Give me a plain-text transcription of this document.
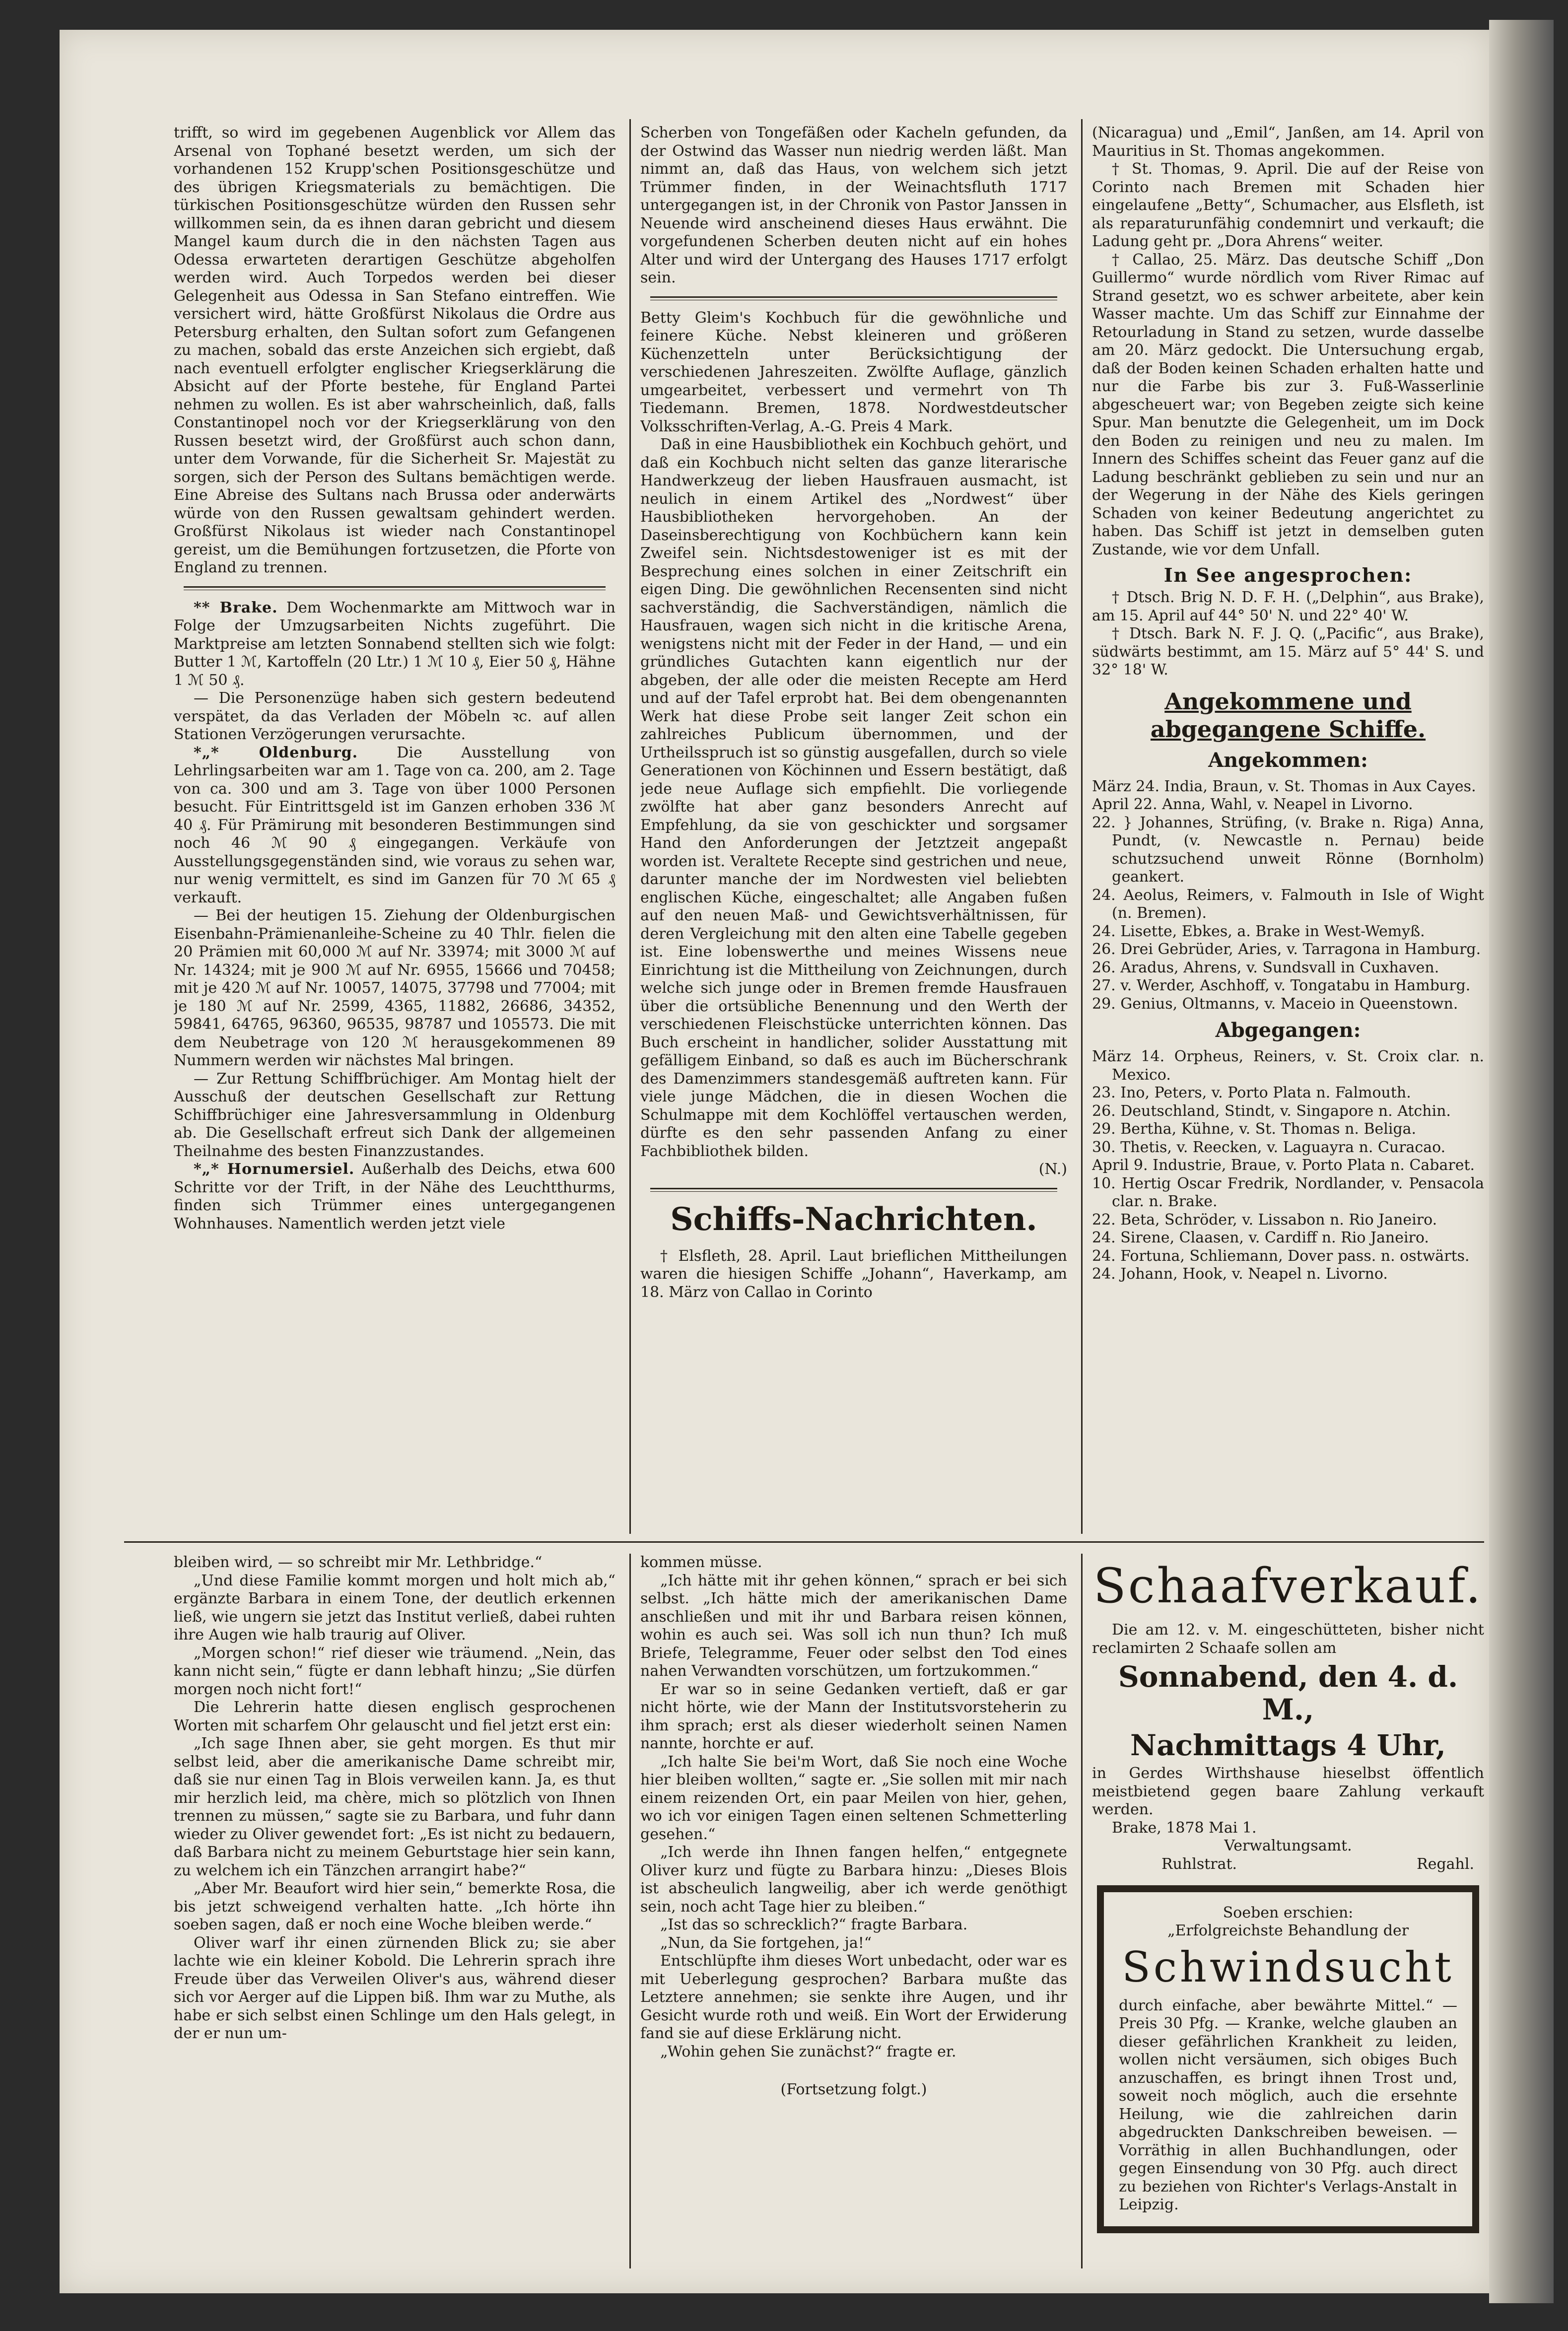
trifft, so wird im gegebenen Augenblick vor Allem das Arsenal von Tophané besetzt werden, um sich der vorhandenen 152 Krupp'schen Positionsgeschütze und des übrigen Kriegsmaterials zu bemächtigen. Die türkischen Positionsgeschütze würden den Russen sehr willkommen sein, da es ihnen daran gebricht und diesem Mangel kaum durch die in den nächsten Tagen aus Odessa erwarteten derartigen Geschütze abgeholfen werden wird. Auch Torpedos werden bei dieser Gelegenheit aus Odessa in San Stefano eintreffen. Wie versichert wird, hätte Großfürst Nikolaus die Ordre aus Petersburg erhalten, den Sultan sofort zum Gefangenen zu machen, sobald das erste Anzeichen sich ergiebt, daß nach eventuell erfolgter englischer Kriegserklärung die Absicht auf der Pforte bestehe, für England Partei nehmen zu wollen. Es ist aber wahrscheinlich, daß, falls Constantinopel noch vor der Kriegserklärung von den Russen besetzt wird, der Großfürst auch schon dann, unter dem Vorwande, für die Sicherheit Sr. Majestät zu sorgen, sich der Person des Sultans bemächtigen werde. Eine Abreise des Sultans nach Brussa oder anderwärts würde von den Russen gewaltsam gehindert werden. Großfürst Nikolaus ist wieder nach Constantinopel gereist, um die Bemühungen fortzusetzen, die Pforte von England zu trennen.

** Brake. Dem Wochenmarkte am Mittwoch war in Folge der Umzugsarbeiten Nichts zugeführt. Die Marktpreise am letzten Sonnabend stellten sich wie folgt: Butter 1 ℳ, Kartoffeln (20 Ltr.) 1 ℳ 10 ₰, Eier 50 ₰, Hähne 1 ℳ 50 ₰.

— Die Personenzüge haben sich gestern bedeutend verspätet, da das Verladen der Möbeln ꝛc. auf allen Stationen Verzögerungen verursachte.

*„* Oldenburg.	Die Ausstellung von Lehrlingsarbeiten war am 1. Tage von ca. 200, am 2. Tage von ca. 300 und am 3. Tage von über 1000 Personen besucht. Für Eintrittsgeld ist im Ganzen erhoben 336 ℳ 40 ₰. Für Prämirung mit besonderen Bestimmungen sind noch 46 ℳ 90 ₰ eingegangen. Verkäufe von Ausstellungsgegenständen sind, wie voraus zu sehen war, nur wenig vermittelt, es sind im Ganzen für 70 ℳ 65 ₰ verkauft.

— Bei der heutigen 15. Ziehung der Oldenburgischen Eisenbahn-Prämienanleihe-Scheine zu 40 Thlr. fielen die 20 Prämien mit 60,000 ℳ auf Nr. 33974; mit 3000 ℳ auf Nr. 14324; mit je 900 ℳ auf Nr. 6955, 15666 und 70458; mit je 420 ℳ auf Nr. 10057, 14075, 37798 und 77004; mit je 180 ℳ auf Nr. 2599, 4365, 11882, 26686, 34352, 59841, 64765, 96360, 96535, 98787 und 105573. Die mit dem Neubetrage von 120 ℳ herausgekommenen 89 Nummern werden wir nächstes Mal bringen.

— Zur Rettung Schiffbrüchiger. Am Montag hielt der Ausschuß der deutschen Gesellschaft zur Rettung Schiffbrüchiger eine Jahresversammlung in Oldenburg ab. Die Gesellschaft erfreut sich Dank der allgemeinen Theilnahme des besten Finanzzustandes.

*„* Hornumersiel. Außerhalb des Deichs, etwa 600 Schritte vor der Trift, in der Nähe des Leuchtthurms, finden sich Trümmer eines untergegangenen Wohnhauses. Namentlich werden jetzt viele

Scherben von Tongefäßen oder Kacheln gefunden, da der Ostwind das Wasser nun niedrig werden läßt. Man nimmt an, daß das Haus, von welchem sich jetzt Trümmer finden, in der Weinachtsfluth 1717 untergegangen ist, in der Chronik von Pastor Janssen in Neuende wird anscheinend dieses Haus erwähnt. Die vorgefundenen Scherben deuten nicht auf ein hohes Alter und wird der Untergang des Hauses 1717 erfolgt sein.

Betty Gleim's Kochbuch für die gewöhnliche und feinere Küche. Nebst kleineren und größeren Küchenzetteln unter Berücksichtigung der verschiedenen Jahreszeiten. Zwölfte Auflage, gänzlich umgearbeitet, verbessert und vermehrt von Th Tiedemann. Bremen, 1878. Nordwestdeutscher Volksschriften-Verlag, A.-G. Preis 4 Mark.

Daß in eine Hausbibliothek ein Kochbuch gehört, und daß ein Kochbuch nicht selten das ganze literarische Handwerkzeug der lieben Hausfrauen ausmacht, ist neulich in einem Artikel des „Nordwest“ über Hausbibliotheken hervorgehoben. An der Daseinsberechtigung von Kochbüchern kann kein Zweifel sein. Nichtsdestoweniger ist es mit der Besprechung eines solchen in einer Zeitschrift ein eigen Ding. Die gewöhnlichen Recensenten sind nicht sachverständig, die Sachverständigen, nämlich die Hausfrauen, wagen sich nicht in die kritische Arena, wenigstens nicht mit der Feder in der Hand, — und ein gründliches Gutachten kann eigentlich nur der abgeben, der alle oder die meisten Recepte am Herd und auf der Tafel erprobt hat. Bei dem obengenannten Werk hat diese Probe seit langer Zeit schon ein zahlreiches Publicum übernommen, und der Urtheilsspruch ist so günstig ausgefallen, durch so viele Generationen von Köchinnen und Essern bestätigt, daß jede neue Auflage sich empfiehlt. Die vorliegende zwölfte hat aber ganz besonders Anrecht auf Empfehlung, da sie von geschickter und sorgsamer Hand den Anforderungen der Jetztzeit angepaßt worden ist. Veraltete Recepte sind gestrichen und neue, darunter manche der im Nordwesten viel beliebten englischen Küche, eingeschaltet; alle Angaben fußen auf den neuen Maß- und Gewichtsverhältnissen, für deren Vergleichung mit den alten eine Tabelle gegeben ist. Eine lobenswerthe und meines Wissens neue Einrichtung ist die Mittheilung von Zeichnungen, durch welche sich junge oder in Bremen fremde Hausfrauen über die ortsübliche Benennung und den Werth der verschiedenen Fleischstücke unterrichten können. Das Buch erscheint in handlicher, solider Ausstattung mit gefälligem Einband, so daß es auch im Bücherschrank des Damenzimmers standesgemäß auftreten kann. Für viele junge Mädchen, die in diesen Wochen die Schulmappe mit dem Kochlöffel vertauschen werden, dürfte es den sehr passenden Anfang zu einer Fachbibliothek bilden.

(N.)

Schiffs-Nachrichten.

† Elsfleth, 28. April. Laut brieflichen Mittheilungen waren die hiesigen Schiffe „Johann“, Haverkamp, am 18. März von Callao in Corinto

(Nicaragua) und „Emil“, Janßen, am 14. April von Mauritius in St. Thomas angekommen.

† St. Thomas, 9. April. Die auf der Reise von Corinto nach Bremen mit Schaden hier eingelaufene „Betty“, Schumacher, aus Elsfleth, ist als reparaturunfähig condemnirt und verkauft; die Ladung geht pr. „Dora Ahrens“ weiter.

† Callao, 25. März. Das deutsche Schiff „Don Guillermo“ wurde nördlich vom River Rimac auf Strand gesetzt, wo es schwer arbeitete, aber kein Wasser machte. Um das Schiff zur Einnahme der Retourladung in Stand zu setzen, wurde dasselbe am 20. März gedockt. Die Untersuchung ergab, daß der Boden keinen Schaden erhalten hatte und nur die Farbe bis zur 3. Fuß-Wasserlinie abgescheuert war; von Begeben zeigte sich keine Spur. Man benutzte die Gelegenheit, um im Dock den Boden zu reinigen und neu zu malen. Im Innern des Schiffes scheint das Feuer ganz auf die Ladung beschränkt geblieben zu sein und nur an der Wegerung in der Nähe des Kiels geringen Schaden von keiner Bedeutung angerichtet zu haben. Das Schiff ist jetzt in demselben guten Zustande, wie vor dem Unfall.

In See angesprochen:

† Dtsch. Brig N. D. F. H. („Delphin“, aus Brake), am 15. April auf 44° 50' N. und 22° 40' W.

† Dtsch. Bark N. F. J. Q. („Pacific“, aus Brake), südwärts bestimmt, am 15. März auf 5° 44' S. und 32° 18' W.

Angekommene und abgegangene Schiffe.
Angekommen:

März 24. India, Braun, v. St. Thomas in Aux Cayes.

April 22. Anna, Wahl, v. Neapel in Livorno.

22. } Johannes, Strüfing, (v. Brake n. Riga) Anna, Pundt, (v. Newcastle n. Pernau) beide schutzsuchend unweit Rönne (Bornholm) geankert.

24. Aeolus, Reimers, v. Falmouth in Isle of Wight (n. Bremen).

24. Lisette, Ebkes, a. Brake in West-Wemyß.

26. Drei Gebrüder, Aries, v. Tarragona in Hamburg.

26. Aradus, Ahrens, v. Sundsvall in Cuxhaven.

27. v. Werder, Aschhoff, v. Tongatabu in Hamburg.

29. Genius, Oltmanns, v. Maceio in Queenstown.

Abgegangen:

März 14. Orpheus, Reiners, v. St. Croix clar. n. Mexico.

23. Ino, Peters, v. Porto Plata n. Falmouth.

26. Deutschland, Stindt, v. Singapore n. Atchin.

29. Bertha, Kühne, v. St. Thomas n. Beliga.

30. Thetis, v. Reecken, v. Laguayra n. Curacao.

April 9. Industrie, Braue, v. Porto Plata n. Cabaret.

10. Hertig Oscar Fredrik, Nordlander, v. Pensacola clar. n. Brake.

22. Beta, Schröder, v. Lissabon n. Rio Janeiro.

24. Sirene, Claasen, v. Cardiff n. Rio Janeiro.

24. Fortuna, Schliemann, Dover pass. n. ostwärts.

24. Johann, Hook, v. Neapel n. Livorno.

bleiben wird, — so schreibt mir Mr. Lethbridge.“

„Und diese Familie kommt morgen und holt mich ab,“ ergänzte Barbara in einem Tone, der deutlich erkennen ließ, wie ungern sie jetzt das Institut verließ, dabei ruhten ihre Augen wie halb traurig auf Oliver.

„Morgen schon!“ rief dieser wie träumend. „Nein, das kann nicht sein,“ fügte er dann lebhaft hinzu; „Sie dürfen morgen noch nicht fort!“

Die Lehrerin hatte diesen englisch gesprochenen Worten mit scharfem Ohr gelauscht und fiel jetzt erst ein:

„Ich sage Ihnen aber, sie geht morgen. Es thut mir selbst leid, aber die amerikanische Dame schreibt mir, daß sie nur einen Tag in Blois verweilen kann. Ja, es thut mir herzlich leid, ma chère, mich so plötzlich von Ihnen trennen zu müssen,“ sagte sie zu Barbara, und fuhr dann wieder zu Oliver gewendet fort: „Es ist nicht zu bedauern, daß Barbara nicht zu meinem Geburtstage hier sein kann, zu welchem ich ein Tänzchen arrangirt habe?“

„Aber Mr. Beaufort wird hier sein,“ bemerkte Rosa, die bis jetzt schweigend verhalten hatte. „Ich hörte ihn soeben sagen, daß er noch eine Woche bleiben werde.“

Oliver warf ihr einen zürnenden Blick zu; sie aber lachte wie ein kleiner Kobold. Die Lehrerin sprach ihre Freude über das Verweilen Oliver's aus, während dieser sich vor Aerger auf die Lippen biß. Ihm war zu Muthe, als habe er sich selbst einen Schlinge um den Hals gelegt, in der er nun um-

kommen müsse.

„Ich hätte mit ihr gehen können,“ sprach er bei sich selbst. „Ich hätte mich der amerikanischen Dame anschließen und mit ihr und Barbara reisen können, wohin es auch sei. Was soll ich nun thun? Ich muß Briefe, Telegramme, Feuer oder selbst den Tod eines nahen Verwandten vorschützen, um fortzukommen.“

Er war so in seine Gedanken vertieft, daß er gar nicht hörte, wie der Mann der Institutsvorsteherin zu ihm sprach; erst als dieser wiederholt seinen Namen nannte, horchte er auf.

„Ich halte Sie bei'm Wort, daß Sie noch eine Woche hier bleiben wollten,“ sagte er. „Sie sollen mit mir nach einem reizenden Ort, ein paar Meilen von hier, gehen, wo ich vor einigen Tagen einen seltenen Schmetterling gesehen.“

„Ich werde ihn Ihnen fangen helfen,“ entgegnete Oliver kurz und fügte zu Barbara hinzu: „Dieses Blois ist abscheulich langweilig, aber ich werde genöthigt sein, noch acht Tage hier zu bleiben.“

„Ist das so schrecklich?“ fragte Barbara.

„Nun, da Sie fortgehen, ja!“

Entschlüpfte ihm dieses Wort unbedacht, oder war es mit Ueberlegung gesprochen? Barbara mußte das Letztere annehmen; sie senkte ihre Augen, und ihr Gesicht wurde roth und weiß. Ein Wort der Erwiderung fand sie auf diese Erklärung nicht.

„Wohin gehen Sie zunächst?“ fragte er.

(Fortsetzung folgt.)

Schaafverkauf.

Die am 12. v. M. eingeschütteten, bisher nicht reclamirten 2 Schaafe sollen am

Sonnabend, den 4. d. M.,
Nachmittags 4 Uhr,

in Gerdes Wirthshause hieselbst öffentlich meistbietend gegen baare Zahlung verkauft werden.

Brake, 1878 Mai 1.

Verwaltungsamt.

Ruhlstrat.	Regahl.

Soeben erschien:

„Erfolgreichste Behandlung der

Schwindsucht

durch einfache, aber bewährte Mittel.“ — Preis 30 Pfg. — Kranke, welche glauben an dieser gefährlichen Krankheit zu leiden, wollen nicht versäumen, sich obiges Buch anzuschaffen, es bringt ihnen Trost und, soweit noch möglich, auch die ersehnte Heilung, wie die zahlreichen darin abgedruckten Dankschreiben beweisen. — Vorräthig in allen Buchhandlungen, oder gegen Einsendung von 30 Pfg. auch direct zu beziehen von Richter's Verlags-Anstalt in Leipzig.
